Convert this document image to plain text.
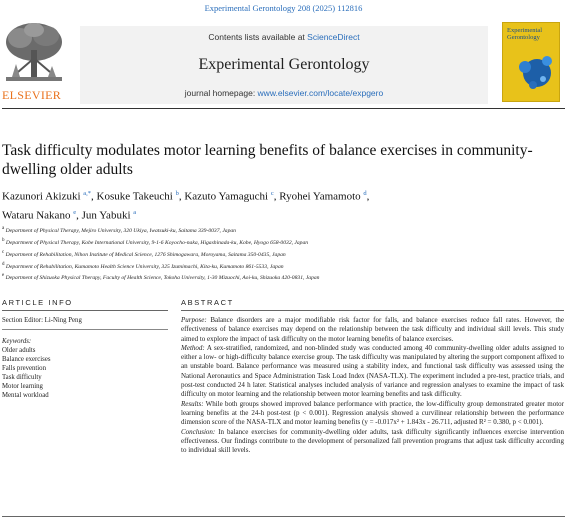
Experimental Gerontology 208 (2025) 112816
ELSEVIER
Contents lists available at ScienceDirect
Experimental Gerontology
journal homepage: www.elsevier.com/locate/expgero
Experimental Gerontology
Task difficulty modulates motor learning benefits of balance exercises in community-dwelling older adults
Kazunori Akizuki $^{a,*}$, Kosuke Takeuchi $^b$, Kazuto Yamaguchi $^c$, Ryohei Yamamoto $^d$,
Wataru Nakano $^e$, Jun Yabuki $^a$
$^a$ Department of Physical Therapy, Mejiro University, 320 Ukiya, Iwatsuki-ku, Saitama 339-0037, Japan
$^b$ Department of Physical Therapy, Kobe International University, 9-1-6 Koyocho-naka, Higashinada-ku, Kobe, Hyogo 658-0032, Japan
$^c$ Department of Rehabilitation, Nihon Institute of Medical Science, 1276 Shimogawara, Moroyama, Saitama 350-0435, Japan
$^d$ Department of Rehabilitation, Kumamoto Health Science University, 325 Izumimachi, Kita-ku, Kumamoto 861-5533, Japan
$^e$ Department of Shizuoka Physical Therapy, Faculty of Health Science, Tokoha University, 1-30 Mizuochi, Aoi-ku, Shizuoka 420-0831, Japan
ARTICLE INFO	ABSTRACT
Section Editor: Li-Ning Peng
Keywords:
Older adults
Balance exercises
Falls prevention
Task difficulty
Motor learning
Mental workload

Purpose: Balance disorders are a major modifiable risk factor for falls, and balance exercises reduce fall rates. However, the effectiveness of balance exercises may depend on the relationship between the task difficulty and individual skill levels. This study aimed to explore the impact of task difficulty on the motor learning benefits of balance exercises.

Method: A sex-stratified, randomized, and non-blinded study was conducted among 40 community-dwelling older adults assigned to either a low- or high-difficulty balance exercise group. The task difficulty was manipulated by altering the support component affixed to an unstable board. Balance performance was measured using a stability index, and functional task difficulty was assessed using the National Aeronautics and Space Administration Task Load Index (NASA-TLX). The experiment included a pre-test, practice trials, and post-test conducted 24 h later. Statistical analyses included analysis of variance and regression analyses to examine the impact of task difficulty on motor learning and the relationship between motor learning benefits and task difficulty.

Results: While both groups showed improved balance performance with practice, the low-difficulty group demonstrated greater motor learning benefits at the 24-h post-test (p < 0.001). Regression analysis showed a curvilinear relationship between the performance dimension score of the NASA-TLX and motor learning benefits (y = -0.017x² + 1.843x - 26.711, adjusted R² = 0.380, p < 0.001).

Conclusion: In balance exercises for community-dwelling older adults, task difficulty significantly influences exercise intervention effectiveness. Our findings contribute to the development of personalized fall prevention programs that adjust task difficulty according to individual skill levels.
